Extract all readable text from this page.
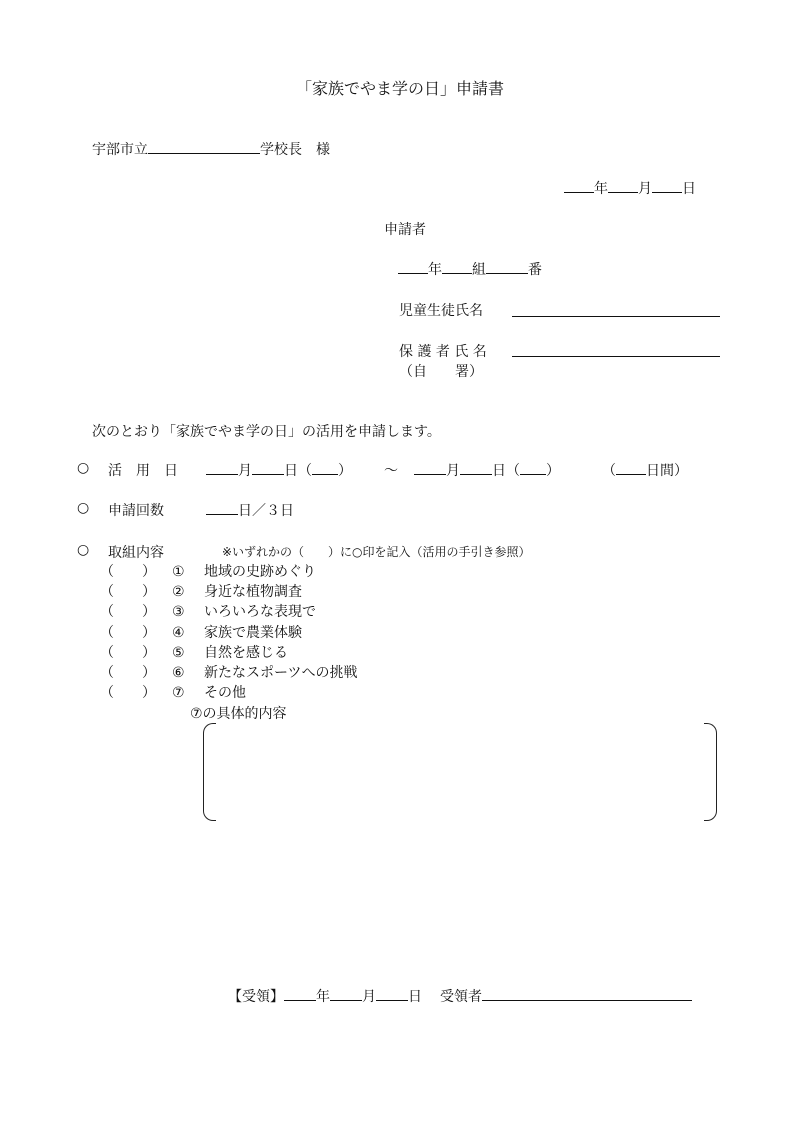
「家族でやま学の日」申請書
宇部市立	学校長　様
年 月 日
申請者
年 組	番
児童生徒氏名
保 護 者 氏 名
（自　　署）
次のとおり「家族でやま学の日」の活用を申請します。
○ 活　用　日	月 日（ ） ～	月 日（ ）	（ 日間）
○ 申請回数	日／３日
○ 取組内容	※いずれかの（　　）に○印を記入（活用の手引き参照）
（　　） ① 地域の史跡めぐり
（　　） ② 身近な植物調査
（　　） ③ いろいろな表現で
（　　） ④ 家族で農業体験
（　　） ⑤ 自然を感じる
（　　） ⑥ 新たなスポーツへの挑戦
（　　） ⑦ その他
⑦の具体的内容
【受領】 年 月 日 受領者
